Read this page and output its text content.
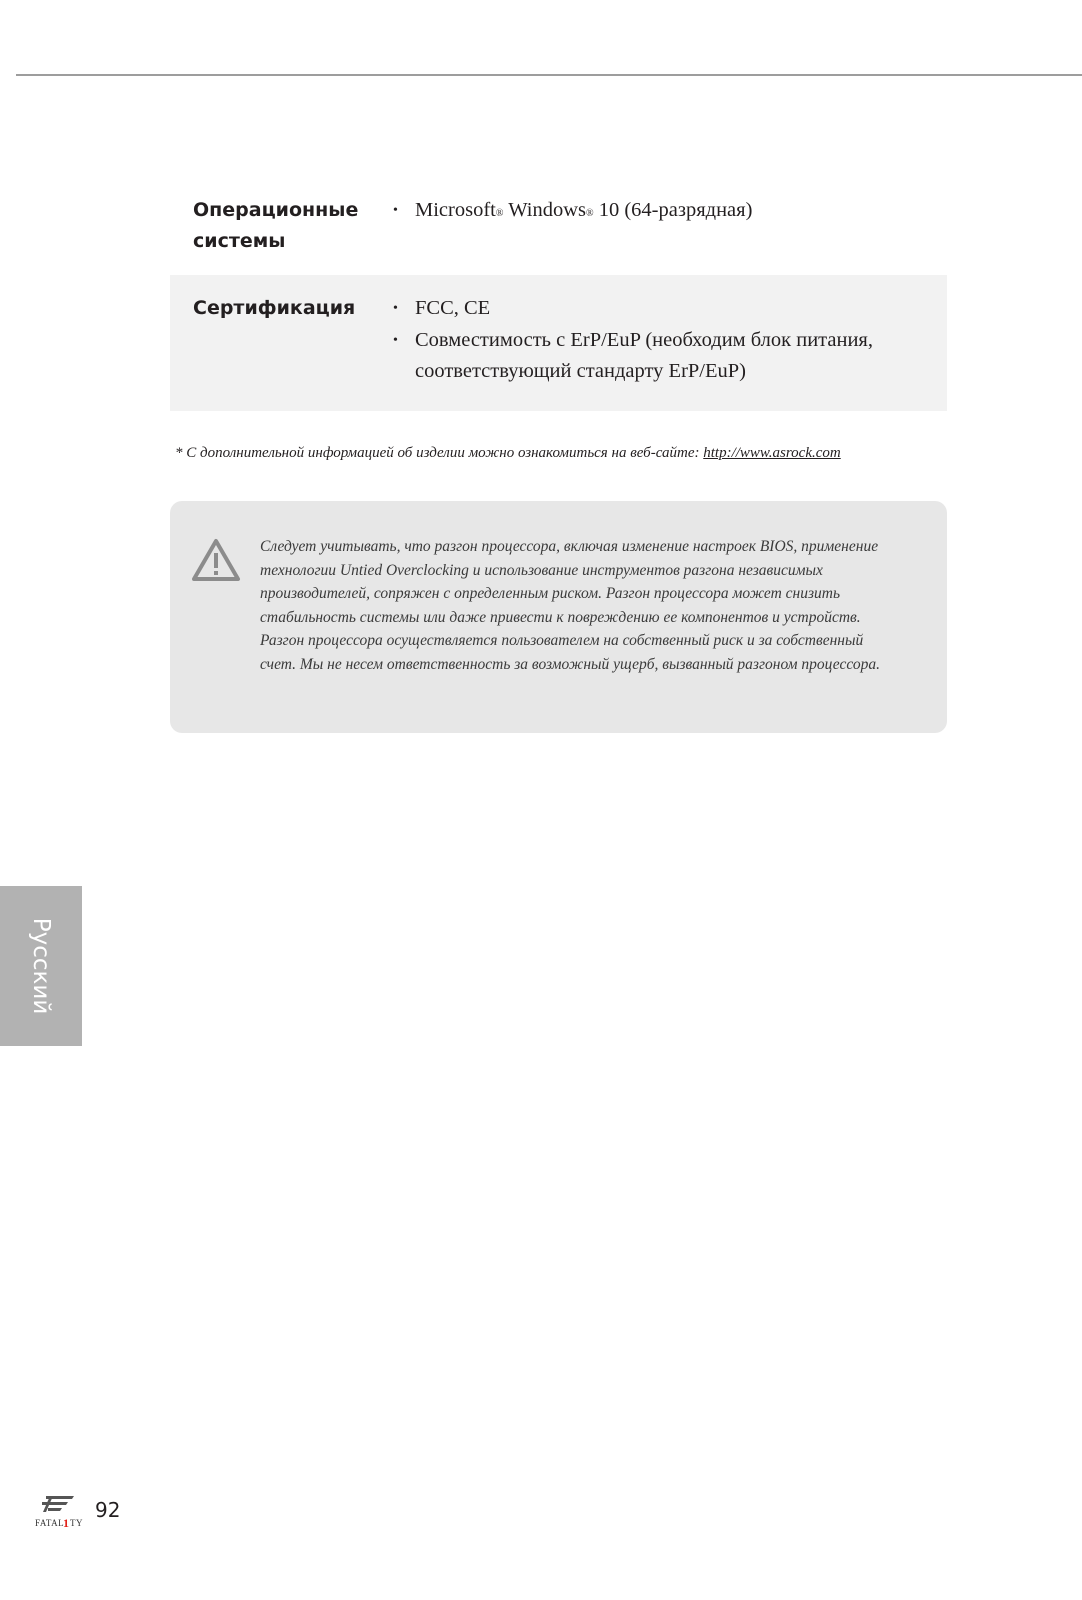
Операционные системы
• Microsoft® Windows® 10 (64-разрядная)
Сертификация
•	FCC, CE
• Совместимость с ErP/EuP (необходим блок питания, соответствующий стандарту ErP/EuP)
* С дополнительной информацией об изделии можно ознакомиться на веб-сайте: http://www.asrock.com
Следует учитывать, что разгон процессора, включая изменение настроек BIOS, применение технологии Untied Overclocking и использование инструментов разгона независимых производителей, сопряжен с определенным риском. Разгон процессора может снизить стабильность системы или даже привести к повреждению ее компонентов и устройств. Разгон процессора осуществляется пользователем на собственный риск и за собственный счет. Мы не несем ответственность за возможный ущерб, вызванный разгоном процессора.
Русский
FATAL
1 TY
92
